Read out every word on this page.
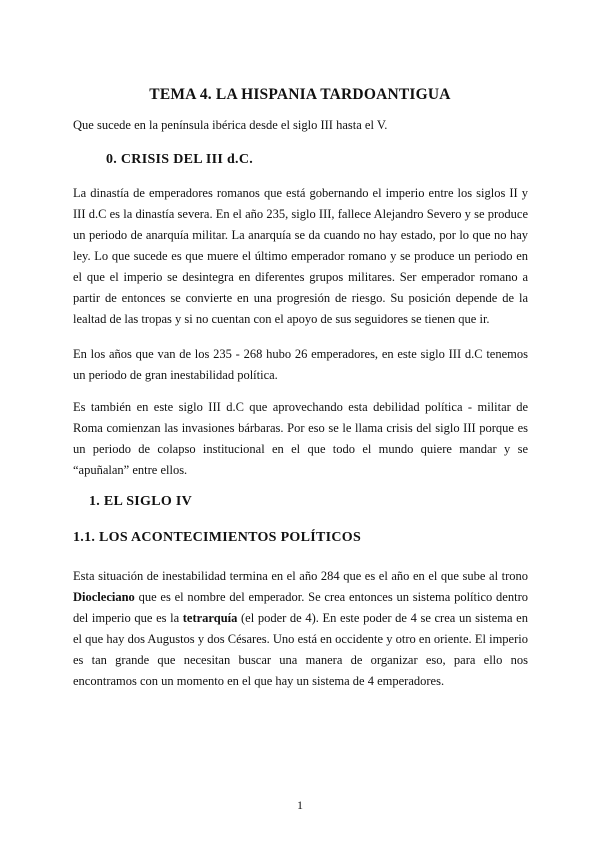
TEMA 4. LA HISPANIA TARDOANTIGUA
Que sucede en la península ibérica desde el siglo III hasta el V.
0. CRISIS DEL III d.C.

La dinastía de emperadores romanos que está gobernando el imperio entre los siglos II y III d.C es la dinastía severa. En el año 235, siglo III, fallece Alejandro Severo y se produce un periodo de anarquía militar. La anarquía se da cuando no hay estado, por lo que no hay ley. Lo que sucede es que muere el último emperador romano y se produce un periodo en el que el imperio se desintegra en diferentes grupos militares. Ser emperador romano a partir de entonces se convierte en una progresión de riesgo. Su posición depende de la lealtad de las tropas y si no cuentan con el apoyo de sus seguidores se tienen que ir.

En los años que van de los 235 - 268 hubo 26 emperadores, en este siglo III d.C tenemos un periodo de gran inestabilidad política.

Es también en este siglo III d.C que aprovechando esta debilidad política - militar de Roma comienzan las invasiones bárbaras. Por eso se le llama crisis del siglo III porque es un periodo de colapso institucional en el que todo el mundo quiere mandar y se “apuñalan” entre ellos.

1. EL SIGLO IV
1.1. LOS ACONTECIMIENTOS POLÍTICOS

Esta situación de inestabilidad termina en el año 284 que es el año en el que sube al trono Diocleciano que es el nombre del emperador. Se crea entonces un sistema político dentro del imperio que es la tetrarquía (el poder de 4). En este poder de 4 se crea un sistema en el que hay dos Augustos y dos Césares. Uno está en occidente y otro en oriente. El imperio es tan grande que necesitan buscar una manera de organizar eso, para ello nos encontramos con un momento en el que hay un sistema de 4 emperadores.

1
